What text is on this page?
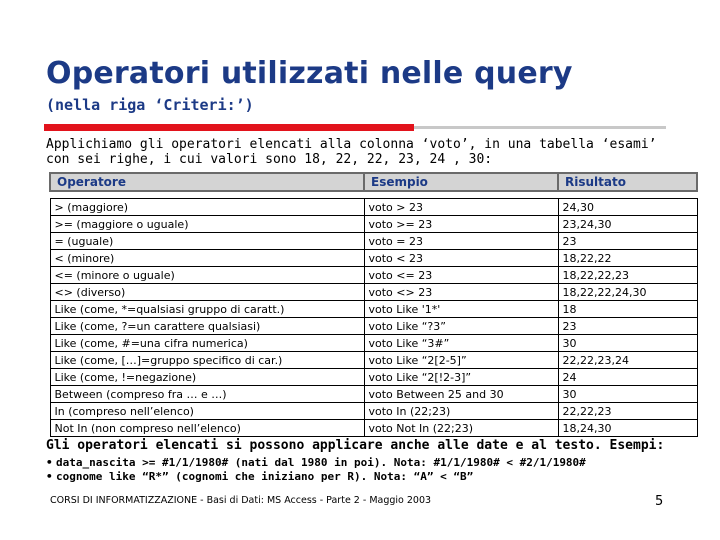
Operatori utilizzati nelle query
(nella riga ‘Criteri:’)
Applichiamo gli operatori elencati alla colonna ‘voto’, in una tabella ‘esami’ con sei righe, i cui valori sono 18, 22, 22, 23, 24 , 30:
Operatore	Esempio	Risultato

> (maggiore)	voto > 23	24,30
>= (maggiore o uguale)	voto >= 23	23,24,30
= (uguale)	voto = 23	23
< (minore)	voto < 23	18,22,22
<= (minore o uguale)	voto <= 23	18,22,22,23
<> (diverso)	voto <> 23	18,22,22,24,30
Like (come, *=qualsiasi gruppo di caratt.)	voto Like '1*'	18
Like (come, ?=un carattere qualsiasi)	voto Like “?3”	23
Like (come, #=una cifra numerica)	voto Like “3#”	30
Like (come, […]=gruppo specifico di car.)	voto Like “2[2-5]”	22,22,23,24
Like (come, !=negazione)	voto Like “2[!2-3]”	24
Between (compreso fra … e …)	voto Between 25 and 30	30
In (compreso nell’elenco)	voto In (22;23)	22,22,23
Not In (non compreso nell’elenco)	voto Not In (22;23)	18,24,30
Gli operatori elencati si possono applicare anche alle date e al testo. Esempi:
• data_nascita >= #1/1/1980# (nati dal 1980 in poi). Nota: #1/1/1980# < #2/1/1980#
• cognome like “R*” (cognomi che iniziano per R). Nota: “A” < “B”
CORSI DI INFORMATIZZAZIONE - Basi di Dati: MS Access - Parte 2 - Maggio 2003	5
